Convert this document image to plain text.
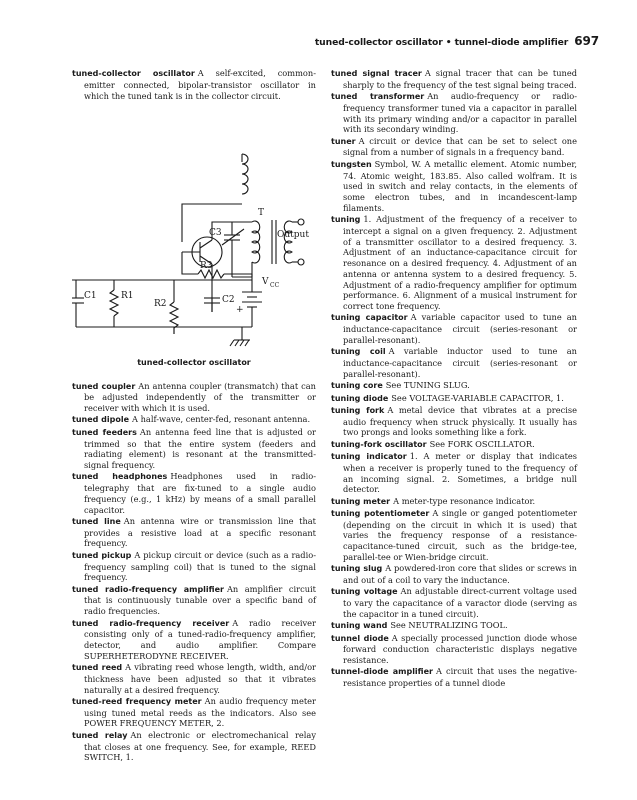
tuned-collector oscillator • tunnel-diode amplifier 697

tuned-collector oscillator A self-excited, common-emitter connected, bipolar-transistor oscillator in which the tuned tank is in the collector circuit.

T
C3	Output
R3
V CC
C1	R1
R2	C2
+
tuned-collector oscillator

tuned coupler An antenna coupler (transmatch) that can be adjusted independently of the transmitter or receiver with which it is used.

tuned dipole A half-wave, center-fed, resonant antenna.

tuned feeders An antenna feed line that is adjusted or trimmed so that the entire system (feeders and radiating element) is resonant at the transmitted-signal frequency.

tuned headphones Headphones used in radio-telegraphy that are fix-tuned to a single audio frequency (e.g., 1 kHz) by means of a small parallel capacitor.

tuned line An antenna wire or transmission line that provides a resistive load at a specific resonant frequency.

tuned pickup A pickup circuit or device (such as a radio-frequency sampling coil) that is tuned to the signal frequency.

tuned radio-frequency amplifier An amplifier circuit that is continuously tunable over a specific band of radio frequencies.

tuned radio-frequency receiver A radio receiver consisting only of a tuned-radio-frequency amplifier, detector, and audio amplifier. Compare SUPERHETERODYNE RECEIVER.

tuned reed A vibrating reed whose length, width, and/or thickness have been adjusted so that it vibrates naturally at a desired frequency.

tuned-reed frequency meter An audio frequency meter using tuned metal reeds as the indicators. Also see POWER FREQUENCY METER, 2.

tuned relay An electronic or electromechanical relay that closes at one frequency. See, for example, REED SWITCH, 1.

tuned signal tracer A signal tracer that can be tuned sharply to the frequency of the test signal being traced.

tuned transformer An audio-frequency or radio-frequency transformer tuned via a capacitor in parallel with its primary winding and/or a capacitor in parallel with its secondary winding.

tuner A circuit or device that can be set to select one signal from a number of signals in a frequency band.

tungsten Symbol, W. A metallic element. Atomic number, 74. Atomic weight, 183.85. Also called wolfram. It is used in switch and relay contacts, in the elements of some electron tubes, and in incandescent-lamp filaments.

tuning 1. Adjustment of the frequency of a receiver to intercept a signal on a given frequency. 2. Adjustment of a transmitter oscillator to a desired frequency. 3. Adjustment of an inductance-capacitance circuit for resonance on a desired frequency. 4. Adjustment of an antenna or antenna system to a desired frequency. 5. Adjustment of a radio-frequency amplifier for optimum performance. 6. Alignment of a musical instrument for correct tone frequency.

tuning capacitor A variable capacitor used to tune an inductance-capacitance circuit (series-resonant or parallel-resonant).

tuning coil A variable inductor used to tune an inductance-capacitance circuit (series-resonant or parallel-resonant).

tuning core See TUNING SLUG.

tuning diode See VOLTAGE-VARIABLE CAPACITOR, 1.

tuning fork A metal device that vibrates at a precise audio frequency when struck physically. It usually has two prongs and looks something like a fork.

tuning-fork oscillator See FORK OSCILLATOR.

tuning indicator 1. A meter or display that indicates when a receiver is properly tuned to the frequency of an incoming signal. 2. Sometimes, a bridge null detector.

tuning meter A meter-type resonance indicator.

tuning potentiometer A single or ganged potentiometer (depending on the circuit in which it is used) that varies the frequency response of a resistance-capacitance-tuned circuit, such as the bridge-tee, parallel-tee or Wien-bridge circuit.

tuning slug A powdered-iron core that slides or screws in and out of a coil to vary the inductance.

tuning voltage An adjustable direct-current voltage used to vary the capacitance of a varactor diode (serving as the capacitor in a tuned circuit).

tuning wand See NEUTRALIZING TOOL.

tunnel diode A specially processed junction diode whose forward conduction characteristic displays negative resistance.

tunnel-diode amplifier A circuit that uses the negative-resistance properties of a tunnel diode
